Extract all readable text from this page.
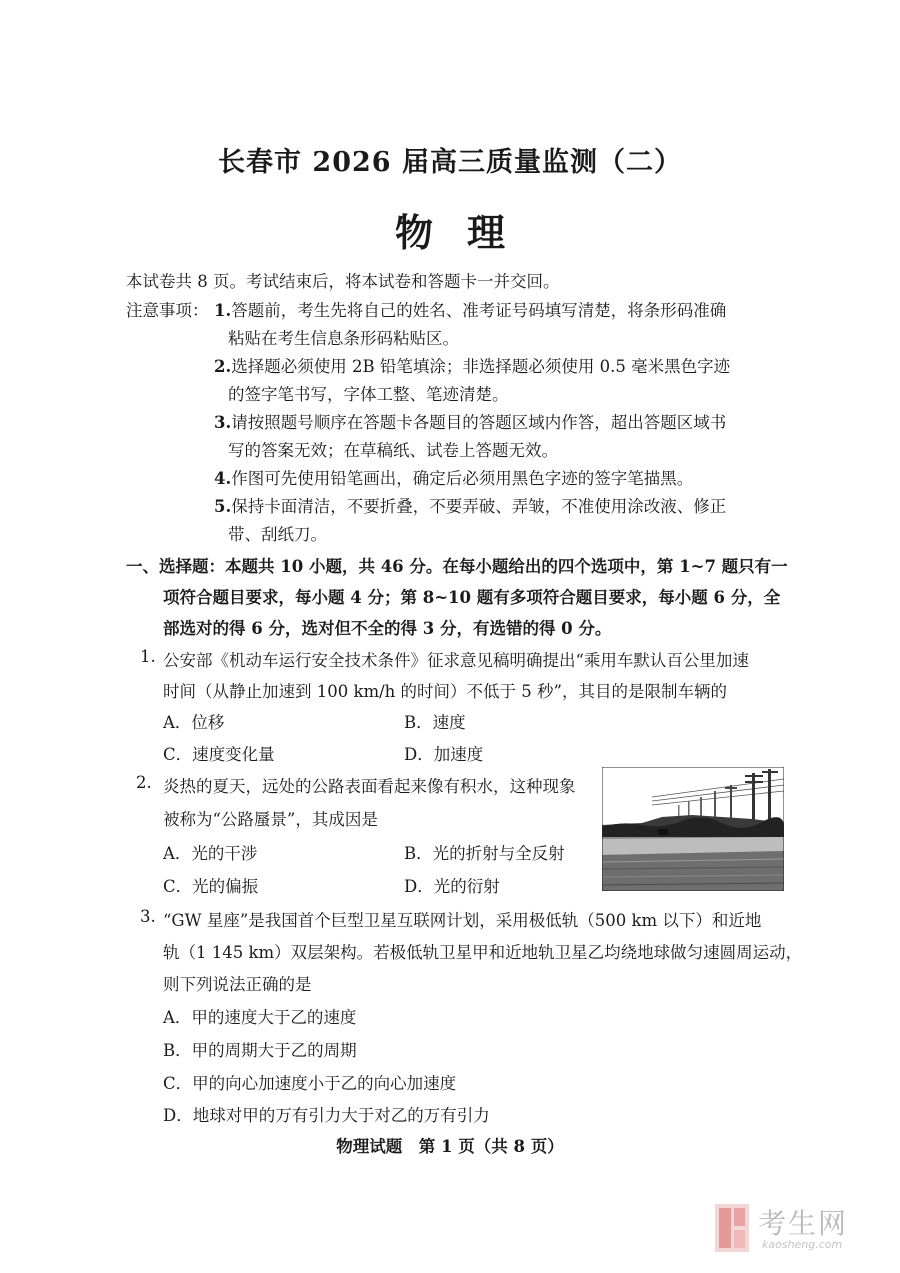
长春市 2026 届高三质量监测（二）
物理
本试卷共 8 页。考试结束后，将本试卷和答题卡一并交回。
注意事项： 1.答题前，考生先将自己的姓名、准考证号码填写清楚，将条形码准确
粘贴在考生信息条形码粘贴区。
2.选择题必须使用 2B 铅笔填涂；非选择题必须使用 0.5 毫米黑色字迹
的签字笔书写，字体工整、笔迹清楚。
3.请按照题号顺序在答题卡各题目的答题区域内作答，超出答题区域书
写的答案无效；在草稿纸、试卷上答题无效。
4.作图可先使用铅笔画出，确定后必须用黑色字迹的签字笔描黑。
5.保持卡面清洁，不要折叠，不要弄破、弄皱，不准使用涂改液、修正
带、刮纸刀。
一、选择题：本题共 10 小题，共 46 分。在每小题给出的四个选项中，第 1~7 题只有一
项符合题目要求，每小题 4 分；第 8~10 题有多项符合题目要求，每小题 6 分，全
部选对的得 6 分，选对但不全的得 3 分，有选错的得 0 分。
1. 公安部《机动车运行安全技术条件》征求意见稿明确提出“乘用车默认百公里加速
时间（从静止加速到 100 km/h 的时间）不低于 5 秒”，其目的是限制车辆的
A．位移	B．速度
C．速度变化量	D．加速度
2. 炎热的夏天，远处的公路表面看起来像有积水，这种现象
被称为“公路蜃景”，其成因是
A．光的干涉	B．光的折射与全反射
C．光的偏振	D．光的衍射
3. “GW 星座”是我国首个巨型卫星互联网计划，采用极低轨（500 km 以下）和近地
轨（1 145 km）双层架构。若极低轨卫星甲和近地轨卫星乙均绕地球做匀速圆周运动，
则下列说法正确的是
A．甲的速度大于乙的速度
B．甲的周期大于乙的周期
C．甲的向心加速度小于乙的向心加速度
D．地球对甲的万有引力大于对乙的万有引力
物理试题　第 1 页（共 8 页）
考生网
kaosheng.com
